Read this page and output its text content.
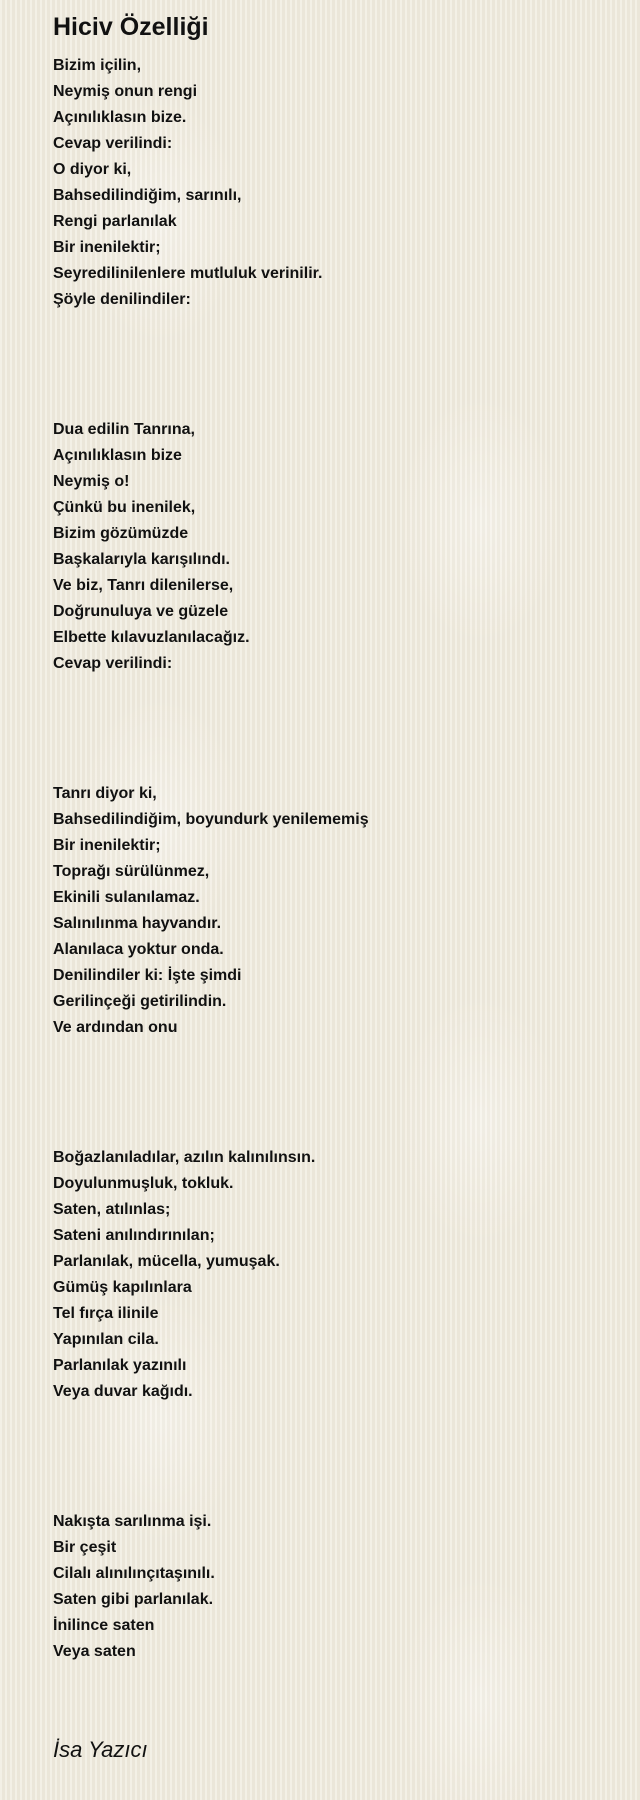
Hiciv Özelliği
Bizim içilin,
Neymiş onun rengi
Açınılıklasın bize.
Cevap verilindi:
O diyor ki,
Bahsedilindiğim, sarınılı,
Rengi parlanılak
Bir inenilektir;
Seyredilinilenlere mutluluk verinilir.
Şöyle denilindiler:
Dua edilin Tanrına,
Açınılıklasın bize
Neymiş o!
Çünkü bu inenilek,
Bizim gözümüzde
Başkalarıyla karışılındı.
Ve biz, Tanrı dilenilerse,
Doğrunuluya ve güzele
Elbette kılavuzlanılacağız.
Cevap verilindi:
Tanrı diyor ki,
Bahsedilindiğim, boyundurk yenilememiş
Bir inenilektir;
Toprağı sürülünmez,
Ekinili sulanılamaz.
Salınılınma hayvandır.
Alanılaca yoktur onda.
Denilindiler ki: İşte şimdi
Gerilinçeği getirilindin.
Ve ardından onu
Boğazlanıladılar, azılın kalınılınsın.
Doyulunmuşluk, tokluk.
Saten, atılınlas;
Sateni anılındırınılan;
Parlanılak, mücella, yumuşak.
Gümüş kapılınlara
Tel fırça ilinile
Yapınılan cila.
Parlanılak yazınılı
Veya duvar kağıdı.
Nakışta sarılınma işi.
Bir çeşit
Cilalı alınılınçıtaşınılı.
Saten gibi parlanılak.
İnilince saten
Veya saten
İsa Yazıcı
